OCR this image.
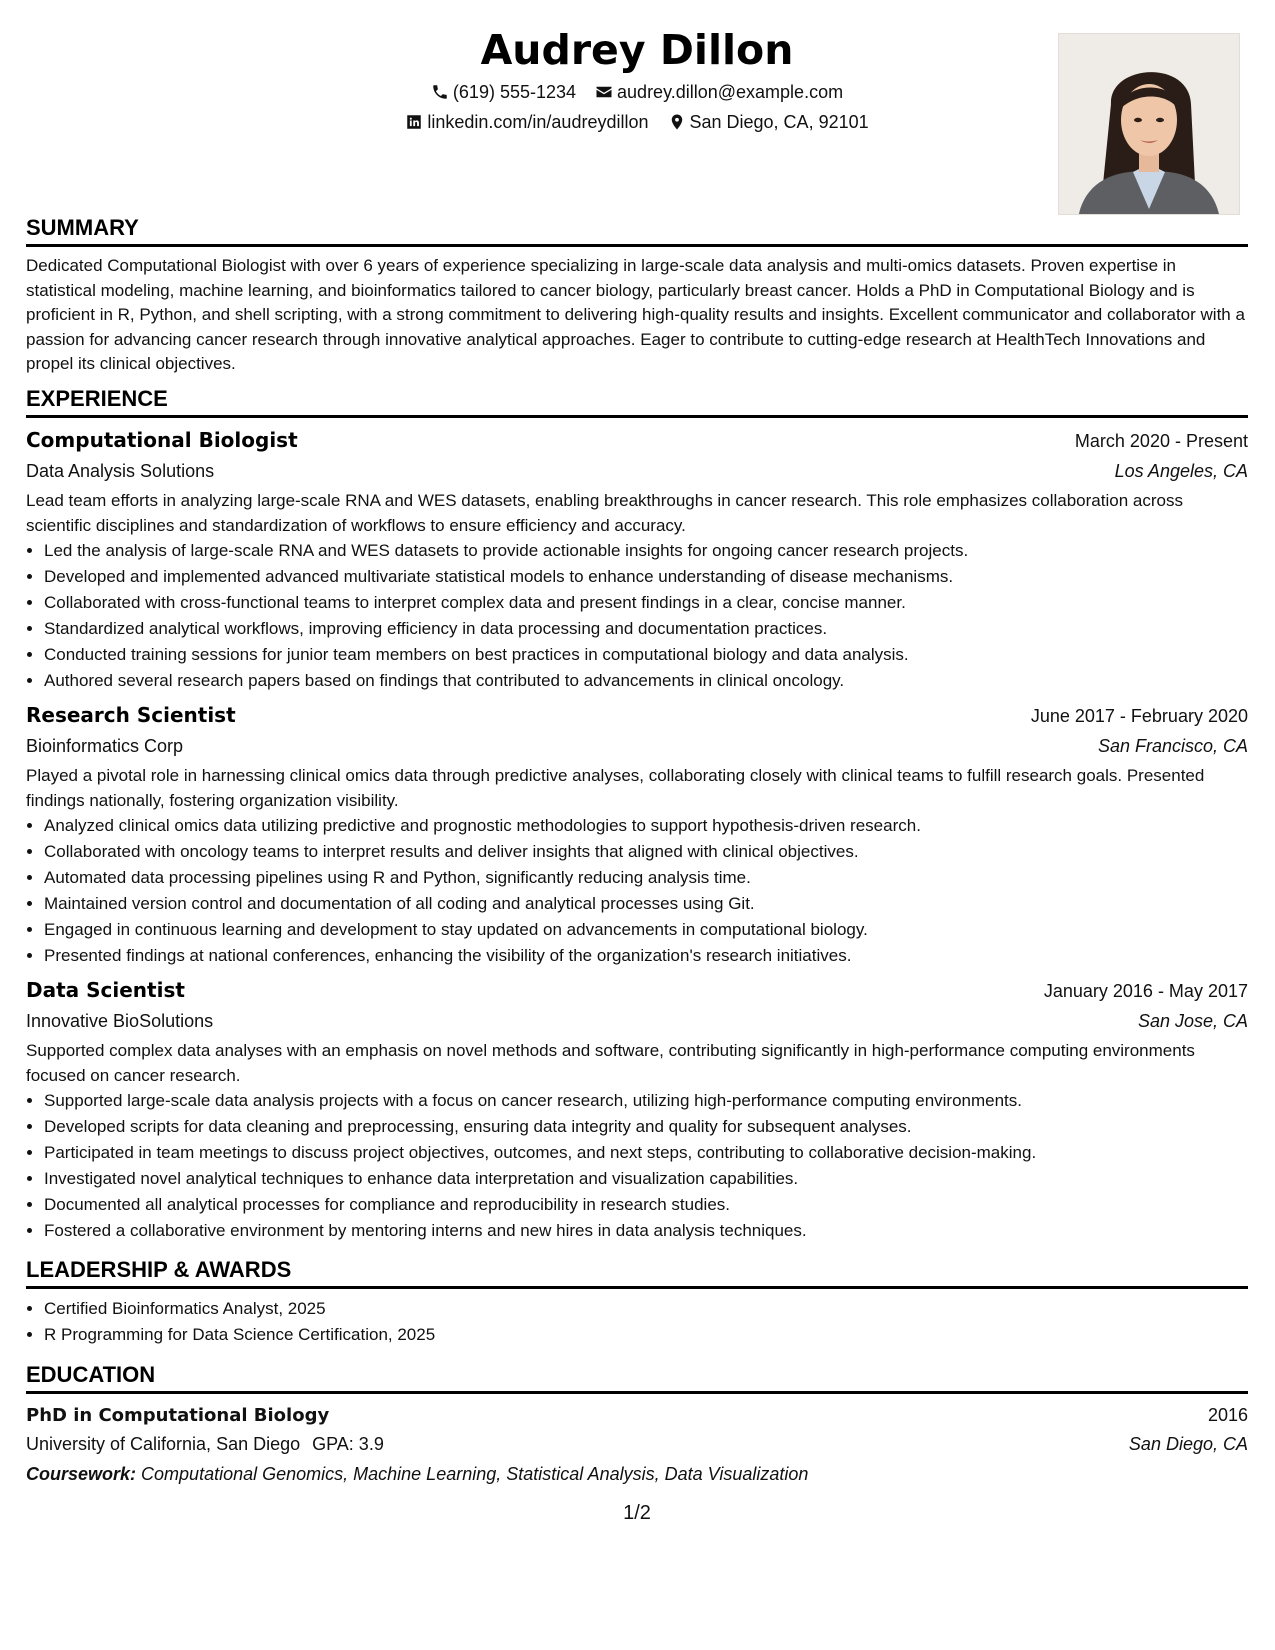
Audrey Dillon
(619) 555-1234
audrey.dillon@example.com
linkedin.com/in/audreydillon
San Diego, CA, 92101
SUMMARY
Dedicated Computational Biologist with over 6 years of experience specializing in large-scale data analysis and multi-omics datasets. Proven expertise in statistical modeling, machine learning, and bioinformatics tailored to cancer biology, particularly breast cancer. Holds a PhD in Computational Biology and is proficient in R, Python, and shell scripting, with a strong commitment to delivering high-quality results and insights. Excellent communicator and collaborator with a passion for advancing cancer research through innovative analytical approaches. Eager to contribute to cutting-edge research at HealthTech Innovations and propel its clinical objectives.
EXPERIENCE
Computational Biologist	March 2020 - Present
Data Analysis Solutions	Los Angeles, CA
Lead team efforts in analyzing large-scale RNA and WES datasets, enabling breakthroughs in cancer research. This role emphasizes collaboration across scientific disciplines and standardization of workflows to ensure efficiency and accuracy.
• Led the analysis of large-scale RNA and WES datasets to provide actionable insights for ongoing cancer research projects.
• Developed and implemented advanced multivariate statistical models to enhance understanding of disease mechanisms.
• Collaborated with cross-functional teams to interpret complex data and present findings in a clear, concise manner.
• Standardized analytical workflows, improving efficiency in data processing and documentation practices.
• Conducted training sessions for junior team members on best practices in computational biology and data analysis.
• Authored several research papers based on findings that contributed to advancements in clinical oncology.
Research Scientist	June 2017 - February 2020
Bioinformatics Corp	San Francisco, CA
Played a pivotal role in harnessing clinical omics data through predictive analyses, collaborating closely with clinical teams to fulfill research goals. Presented findings nationally, fostering organization visibility.
• Analyzed clinical omics data utilizing predictive and prognostic methodologies to support hypothesis-driven research.
• Collaborated with oncology teams to interpret results and deliver insights that aligned with clinical objectives.
• Automated data processing pipelines using R and Python, significantly reducing analysis time.
• Maintained version control and documentation of all coding and analytical processes using Git.
• Engaged in continuous learning and development to stay updated on advancements in computational biology.
• Presented findings at national conferences, enhancing the visibility of the organization's research initiatives.
Data Scientist	January 2016 - May 2017
Innovative BioSolutions	San Jose, CA
Supported complex data analyses with an emphasis on novel methods and software, contributing significantly in high-performance computing environments focused on cancer research.
• Supported large-scale data analysis projects with a focus on cancer research, utilizing high-performance computing environments.
• Developed scripts for data cleaning and preprocessing, ensuring data integrity and quality for subsequent analyses.
• Participated in team meetings to discuss project objectives, outcomes, and next steps, contributing to collaborative decision-making.
• Investigated novel analytical techniques to enhance data interpretation and visualization capabilities.
• Documented all analytical processes for compliance and reproducibility in research studies.
• Fostered a collaborative environment by mentoring interns and new hires in data analysis techniques.
LEADERSHIP & AWARDS
• Certified Bioinformatics Analyst, 2025
• R Programming for Data Science Certification, 2025
EDUCATION
PhD in Computational Biology	2016
University of California, San Diego GPA: 3.9	San Diego, CA
Coursework: Computational Genomics, Machine Learning, Statistical Analysis, Data Visualization
1/2
